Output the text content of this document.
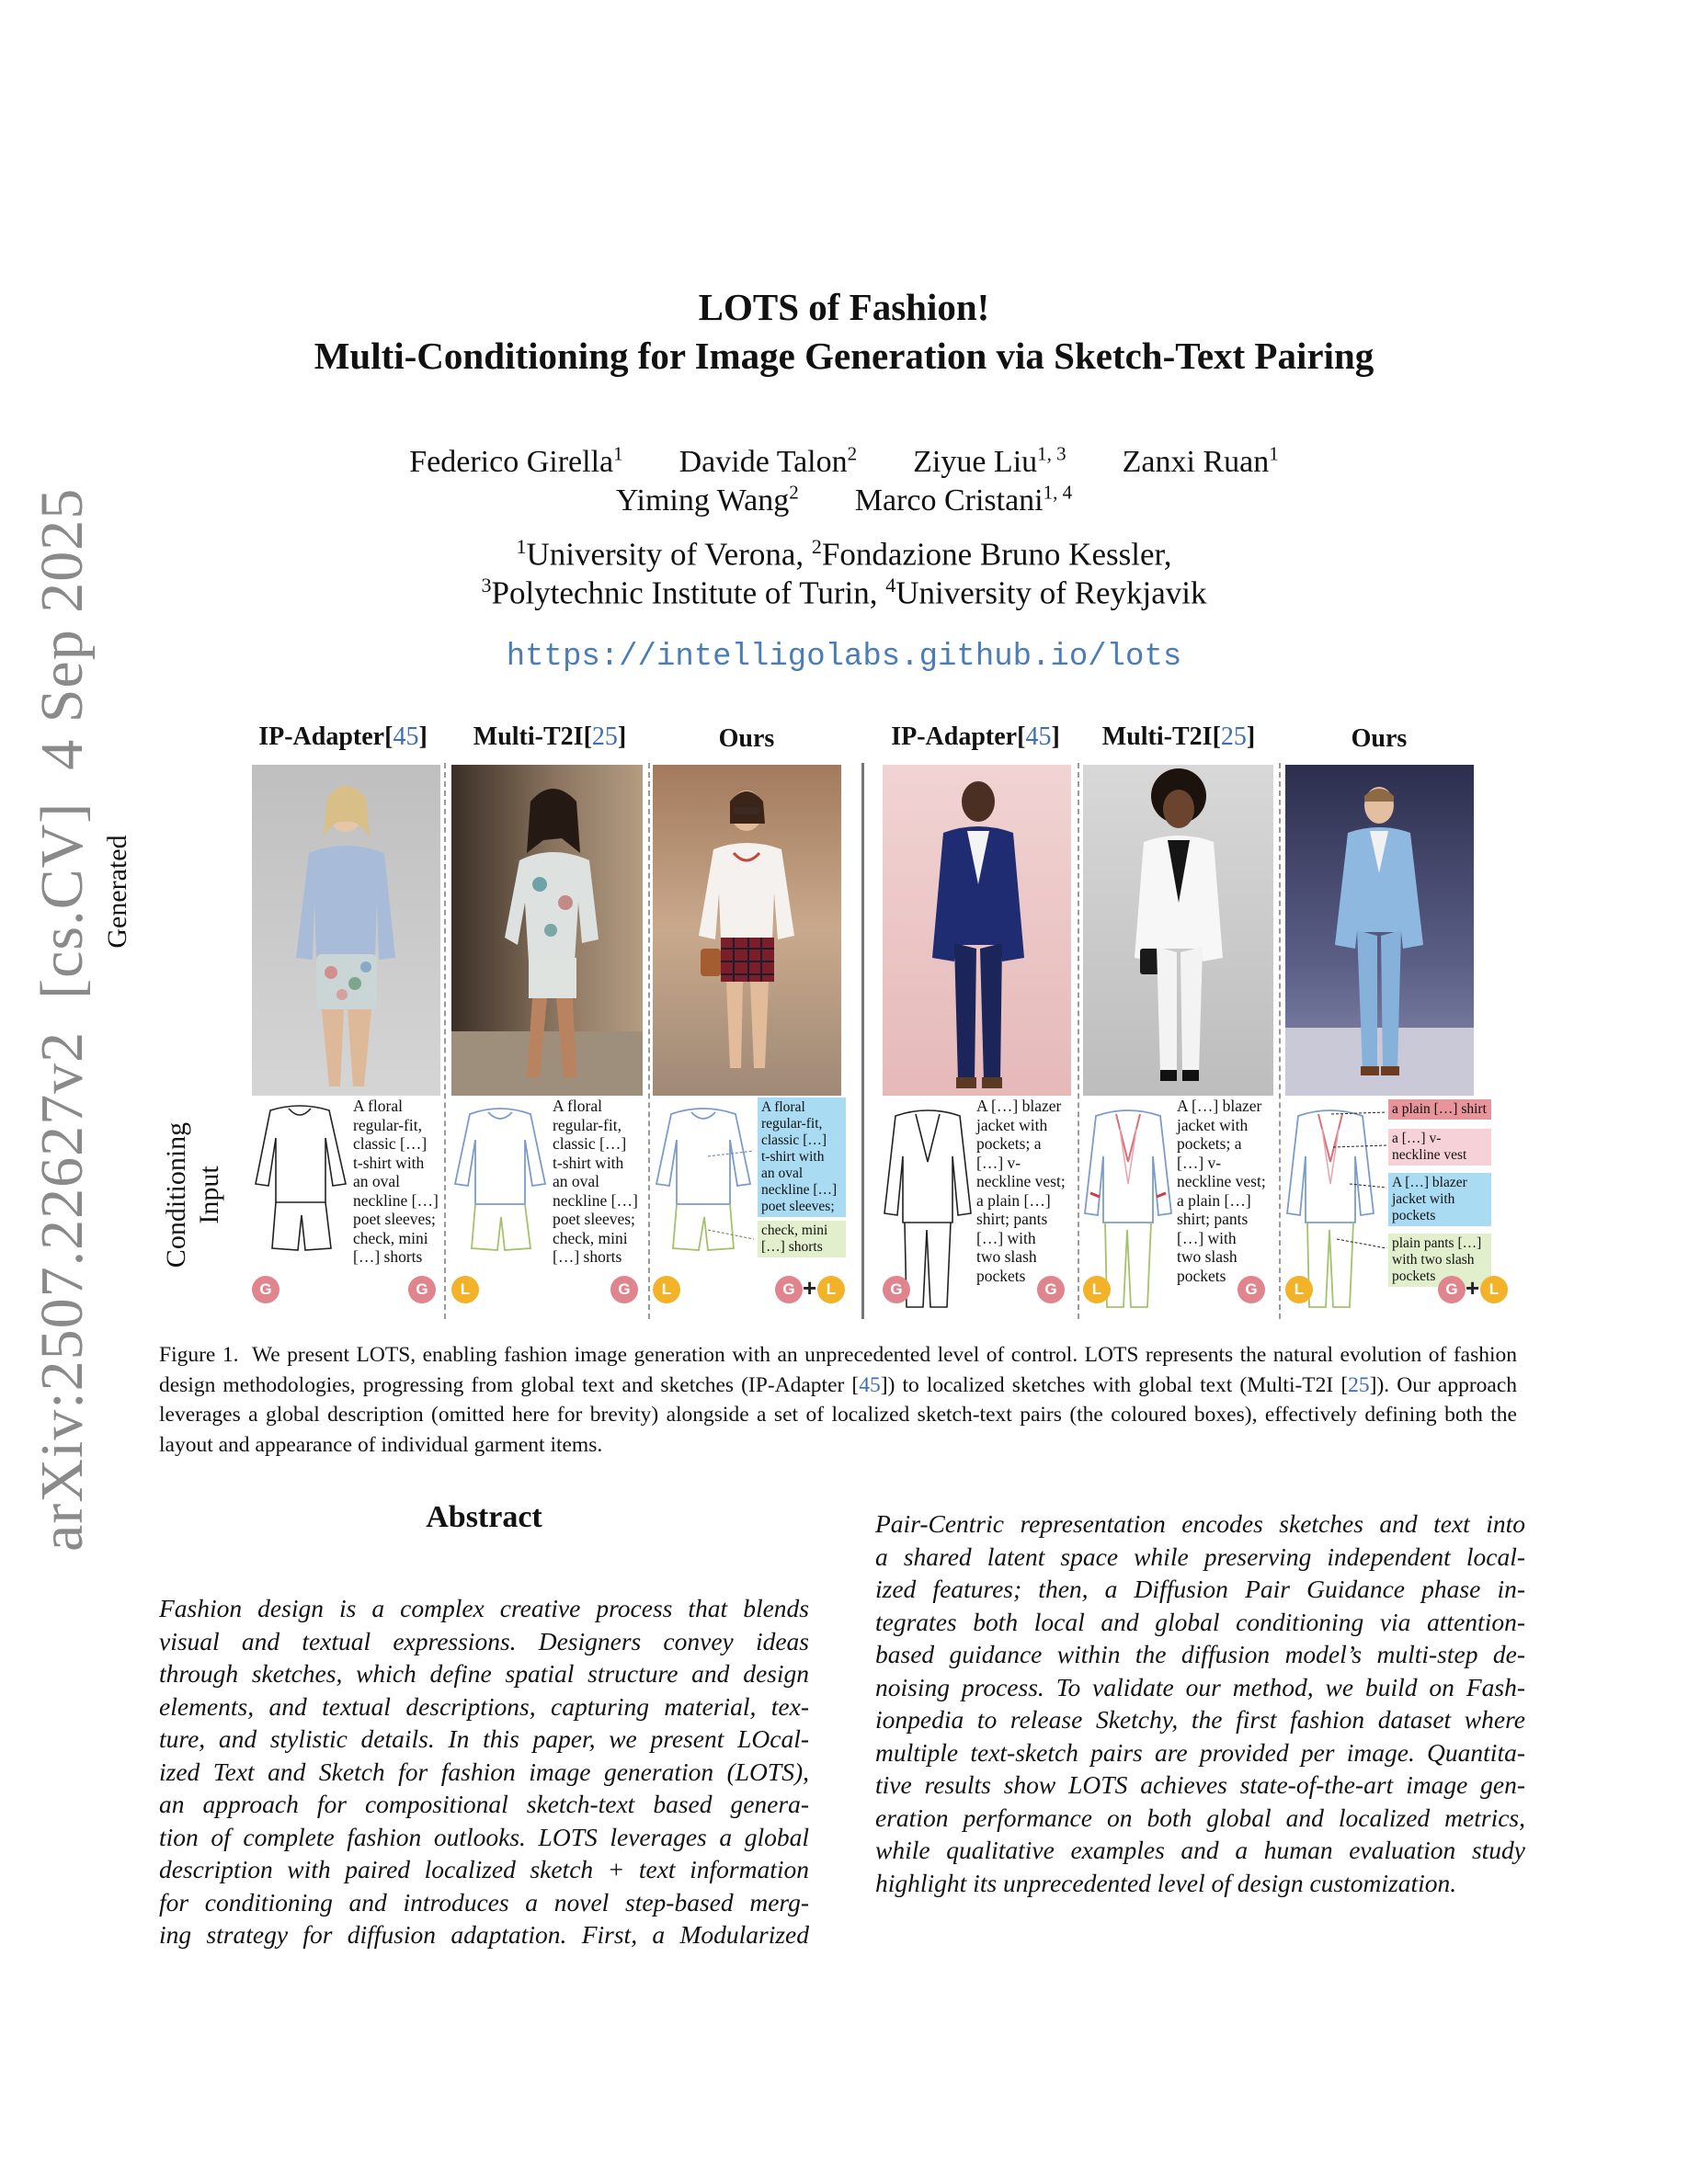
arXiv:2507.22627v2  [cs.CV]  4 Sep 2025
LOTS of Fashion!
Multi-Conditioning for Image Generation via Sketch-Text Pairing
Federico Girella$^1$ Davide Talon$^2$ Ziyue Liu$^{1, 3}$ Zanxi Ruan$^1$
Yiming Wang$^2$ Marco Cristani$^{1, 4}$
$^1$University of Verona, $^2$Fondazione Bruno Kessler,
$^3$Polytechnic Institute of Turin, $^4$University of Reykjavik
https://intelligolabs.github.io/lots
IP-Adapter[45]	Multi-T2I[25]	Ours	IP-Adapter[45]	Multi-T2I[25]	Ours
Generated
Conditioning Input
A floral
regular-fit,
classic […]
t-shirt with
an oval
neckline […]
poet sleeves;
check, mini
[…] shorts
G	G
A floral
regular-fit,
classic […]
t-shirt with
an oval
neckline […]
poet sleeves;
check, mini
[…] shorts
L	G
A floral
regular-fit,
classic […]
t-shirt with
an oval
neckline […]
poet sleeves;
check, mini
[…] shorts
L	G + L
A […] blazer
jacket with
pockets; a
[…] v-
neckline vest;
a plain […]
shirt; pants
[…] with
two slash
pockets
G	G
A […] blazer
jacket with
pockets; a
[…] v-
neckline vest;
a plain […]
shirt; pants
[…] with
two slash
pockets
L	G
a plain […] shirt
a […] v-neckline vest
A […] blazer jacket with pockets
plain pants […] with two slash pockets
L	G + L
Figure 1. We present LOTS, enabling fashion image generation with an unprecedented level of control. LOTS represents the natural evolution of fashion design methodologies, progressing from global text and sketches (IP-Adapter [45]) to localized sketches with global text (Multi-T2I [25]). Our approach leverages a global description (omitted here for brevity) alongside a set of localized sketch-text pairs (the coloured boxes), effectively defining both the layout and appearance of individual garment items.
Abstract
Fashion design is a complex creative process that blends
visual and textual expressions. Designers convey ideas
through sketches, which define spatial structure and design
elements, and textual descriptions, capturing material, tex-
ture, and stylistic details. In this paper, we present LOcal-
ized Text and Sketch for fashion image generation (LOTS),
an approach for compositional sketch-text based genera-
tion of complete fashion outlooks. LOTS leverages a global
description with paired localized sketch + text information
for conditioning and introduces a novel step-based merg-
ing strategy for diffusion adaptation. First, a Modularized
Pair-Centric representation encodes sketches and text into
a shared latent space while preserving independent local-
ized features; then, a Diffusion Pair Guidance phase in-
tegrates both local and global conditioning via attention-
based guidance within the diffusion model’s multi-step de-
noising process. To validate our method, we build on Fash-
ionpedia to release Sketchy, the first fashion dataset where
multiple text-sketch pairs are provided per image. Quantita-
tive results show LOTS achieves state-of-the-art image gen-
eration performance on both global and localized metrics,
while qualitative examples and a human evaluation study
highlight its unprecedented level of design customization.
